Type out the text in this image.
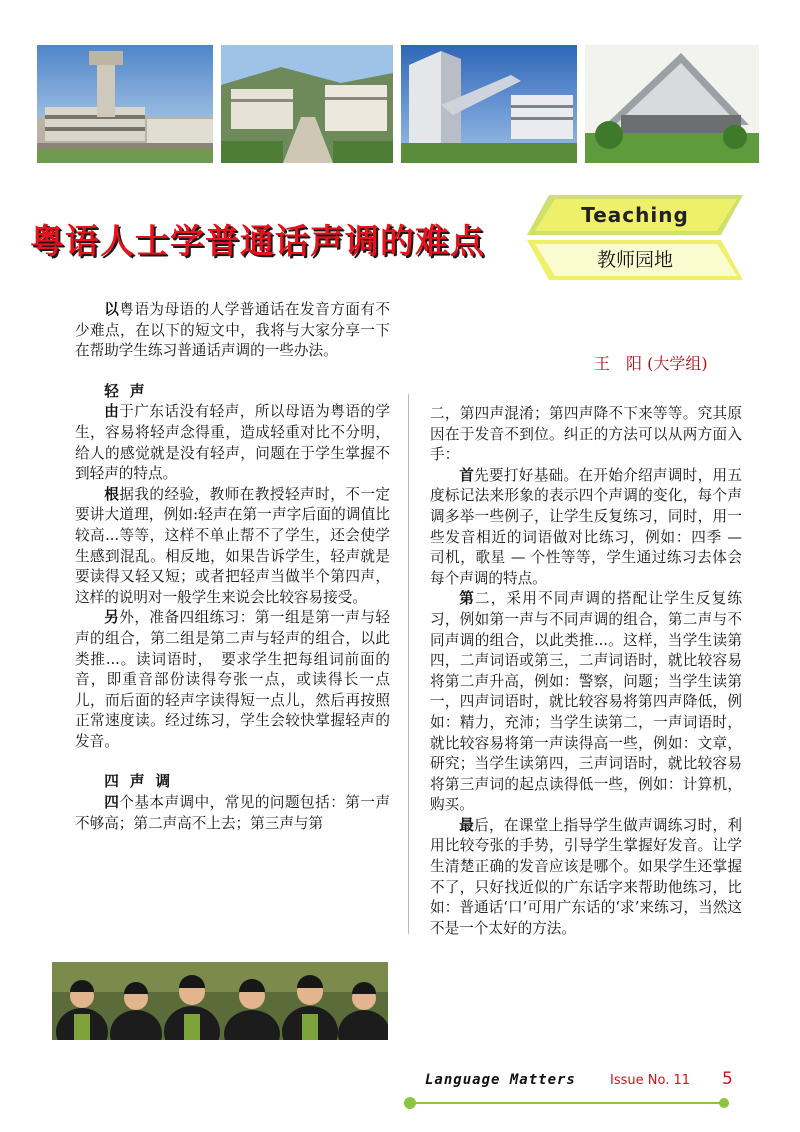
粤语人士学普通话声调的难点
Teaching
教师园地
王　阳 (大学组)

以粤语为母语的人学普通话在发音方面有不少难点，在以下的短文中，我将与大家分享一下在帮助学生练习普通话声调的一些办法。

轻 声

由于广东话没有轻声，所以母语为粤语的学生，容易将轻声念得重，造成轻重对比不分明，给人的感觉就是没有轻声，问题在于学生掌握不到轻声的特点。

根据我的经验，教师在教授轻声时，不一定要讲大道理，例如:轻声在第一声字后面的调值比较高...等等，这样不单止帮不了学生，还会使学生感到混乱。相反地，如果告诉学生，轻声就是要读得又轻又短；或者把轻声当做半个第四声，这样的说明对一般学生来说会比较容易接受。

另外，准备四组练习：第一组是第一声与轻声的组合，第二组是第二声与轻声的组合，以此类推...。读词语时，　要求学生把每组词前面的音，即重音部份读得夸张一点，或读得长一点儿，而后面的轻声字读得短一点儿，然后再按照正常速度读。经过练习，学生会较快掌握轻声的发音。

四 声 调

四个基本声调中，常见的问题包括：第一声不够高；第二声高不上去；第三声与第

二，第四声混淆；第四声降不下来等等。究其原因在于发音不到位。纠正的方法可以从两方面入手：

首先要打好基础。在开始介绍声调时，用五度标记法来形象的表示四个声调的变化，每个声调多举一些例子，让学生反复练习，同时，用一些发音相近的词语做对比练习，例如：四季 — 司机，歌星 — 个性等等，学生通过练习去体会每个声调的特点。

第二，采用不同声调的搭配让学生反复练习，例如第一声与不同声调的组合，第二声与不同声调的组合，以此类推...。这样，当学生读第四，二声词语或第三，二声词语时，就比较容易将第二声升高，例如：警察，问题；当学生读第一，四声词语时，就比较容易将第四声降低，例如：精力，充沛；当学生读第二，一声词语时，就比较容易将第一声读得高一些，例如：文章，研究；当学生读第四，三声词语时，就比较容易将第三声词的起点读得低一些，例如：计算机，购买。

最后，在课堂上指导学生做声调练习时，利用比较夸张的手势，引导学生掌握好发音。让学生清楚正确的发音应该是哪个。如果学生还掌握不了，只好找近似的广东话字来帮助他练习，比如：普通话‘口’可用广东话的‘求’来练习，当然这不是一个太好的方法。

Language Matters	Issue No. 11 5
